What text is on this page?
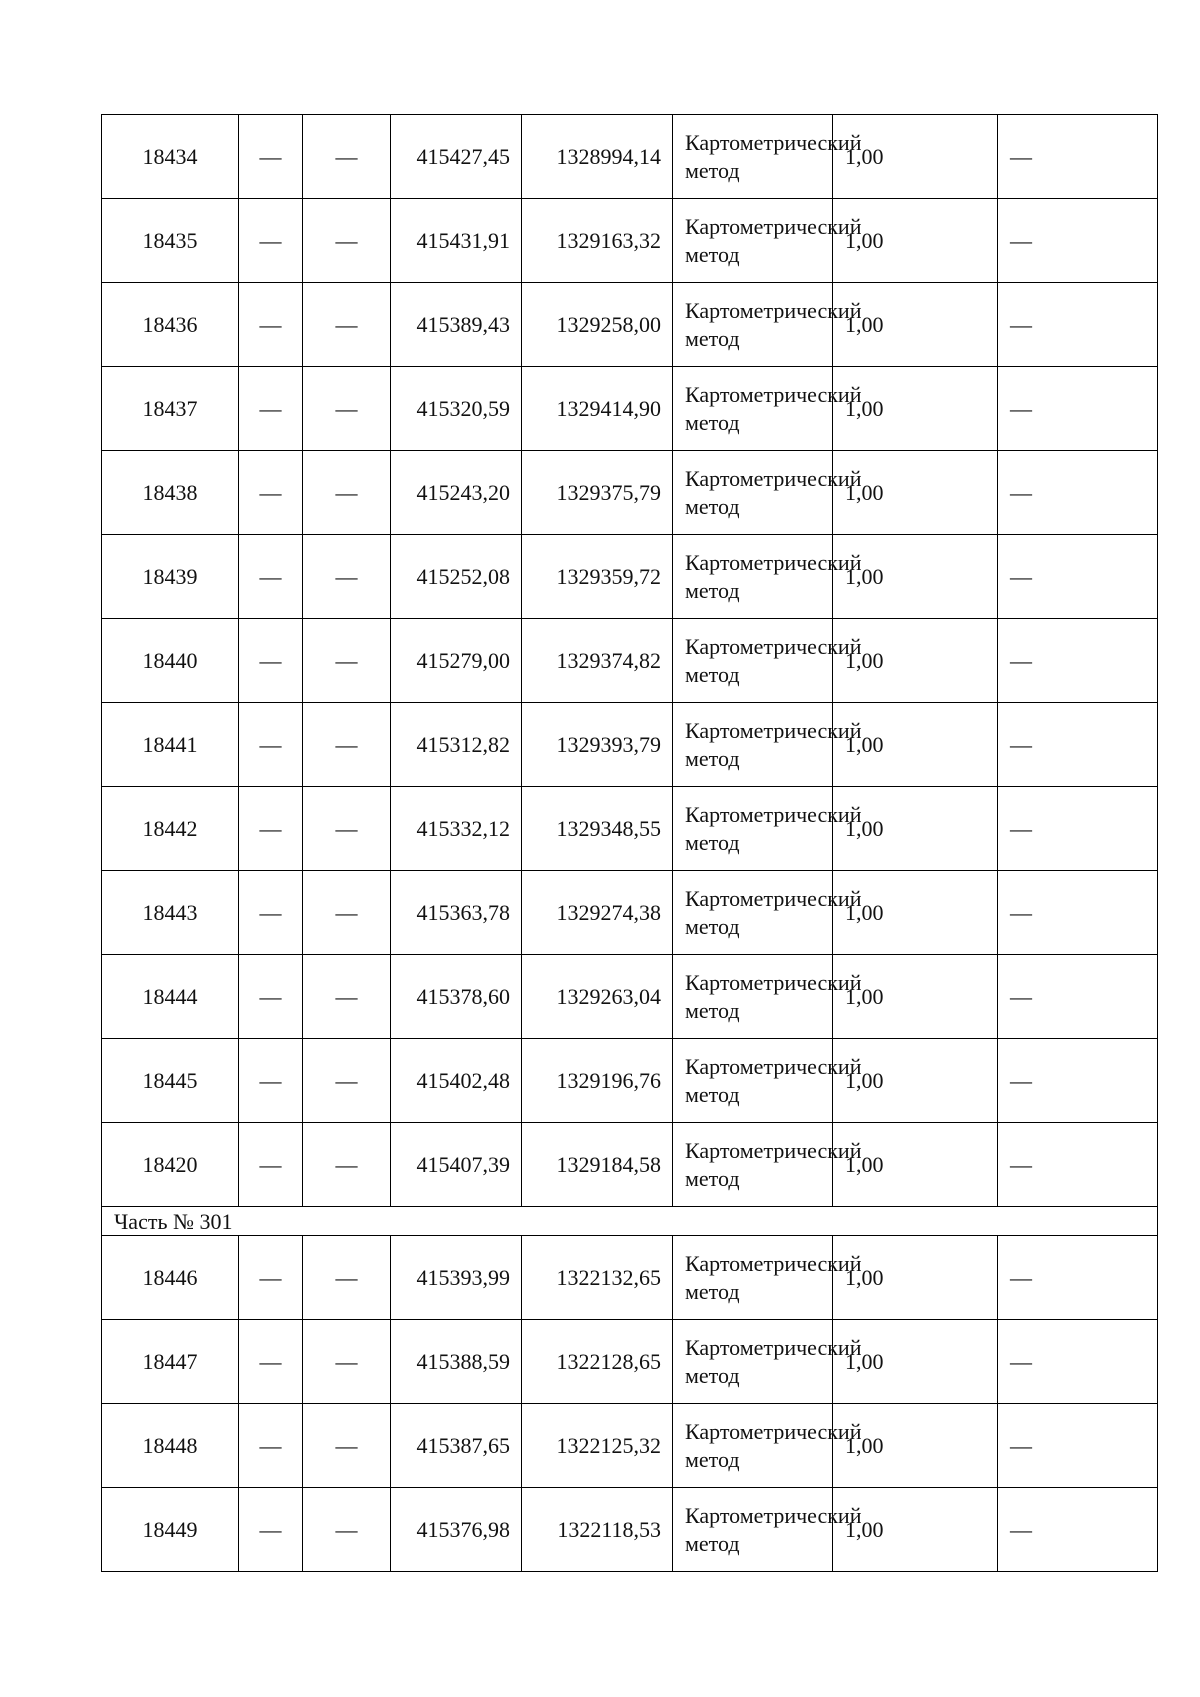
18434	—	—	415427,45	1328994,14	Картометрический метод	1,00	—
18435	—	—	415431,91	1329163,32	Картометрический метод	1,00	—
18436	—	—	415389,43	1329258,00	Картометрический метод	1,00	—
18437	—	—	415320,59	1329414,90	Картометрический метод	1,00	—
18438	—	—	415243,20	1329375,79	Картометрический метод	1,00	—
18439	—	—	415252,08	1329359,72	Картометрический метод	1,00	—
18440	—	—	415279,00	1329374,82	Картометрический метод	1,00	—
18441	—	—	415312,82	1329393,79	Картометрический метод	1,00	—
18442	—	—	415332,12	1329348,55	Картометрический метод	1,00	—
18443	—	—	415363,78	1329274,38	Картометрический метод	1,00	—
18444	—	—	415378,60	1329263,04	Картометрический метод	1,00	—
18445	—	—	415402,48	1329196,76	Картометрический метод	1,00	—
18420	—	—	415407,39	1329184,58	Картометрический метод	1,00	—
Часть № 301							
18446	—	—	415393,99	1322132,65	Картометрический метод	1,00	—
18447	—	—	415388,59	1322128,65	Картометрический метод	1,00	—
18448	—	—	415387,65	1322125,32	Картометрический метод	1,00	—
18449	—	—	415376,98	1322118,53	Картометрический метод	1,00	—
